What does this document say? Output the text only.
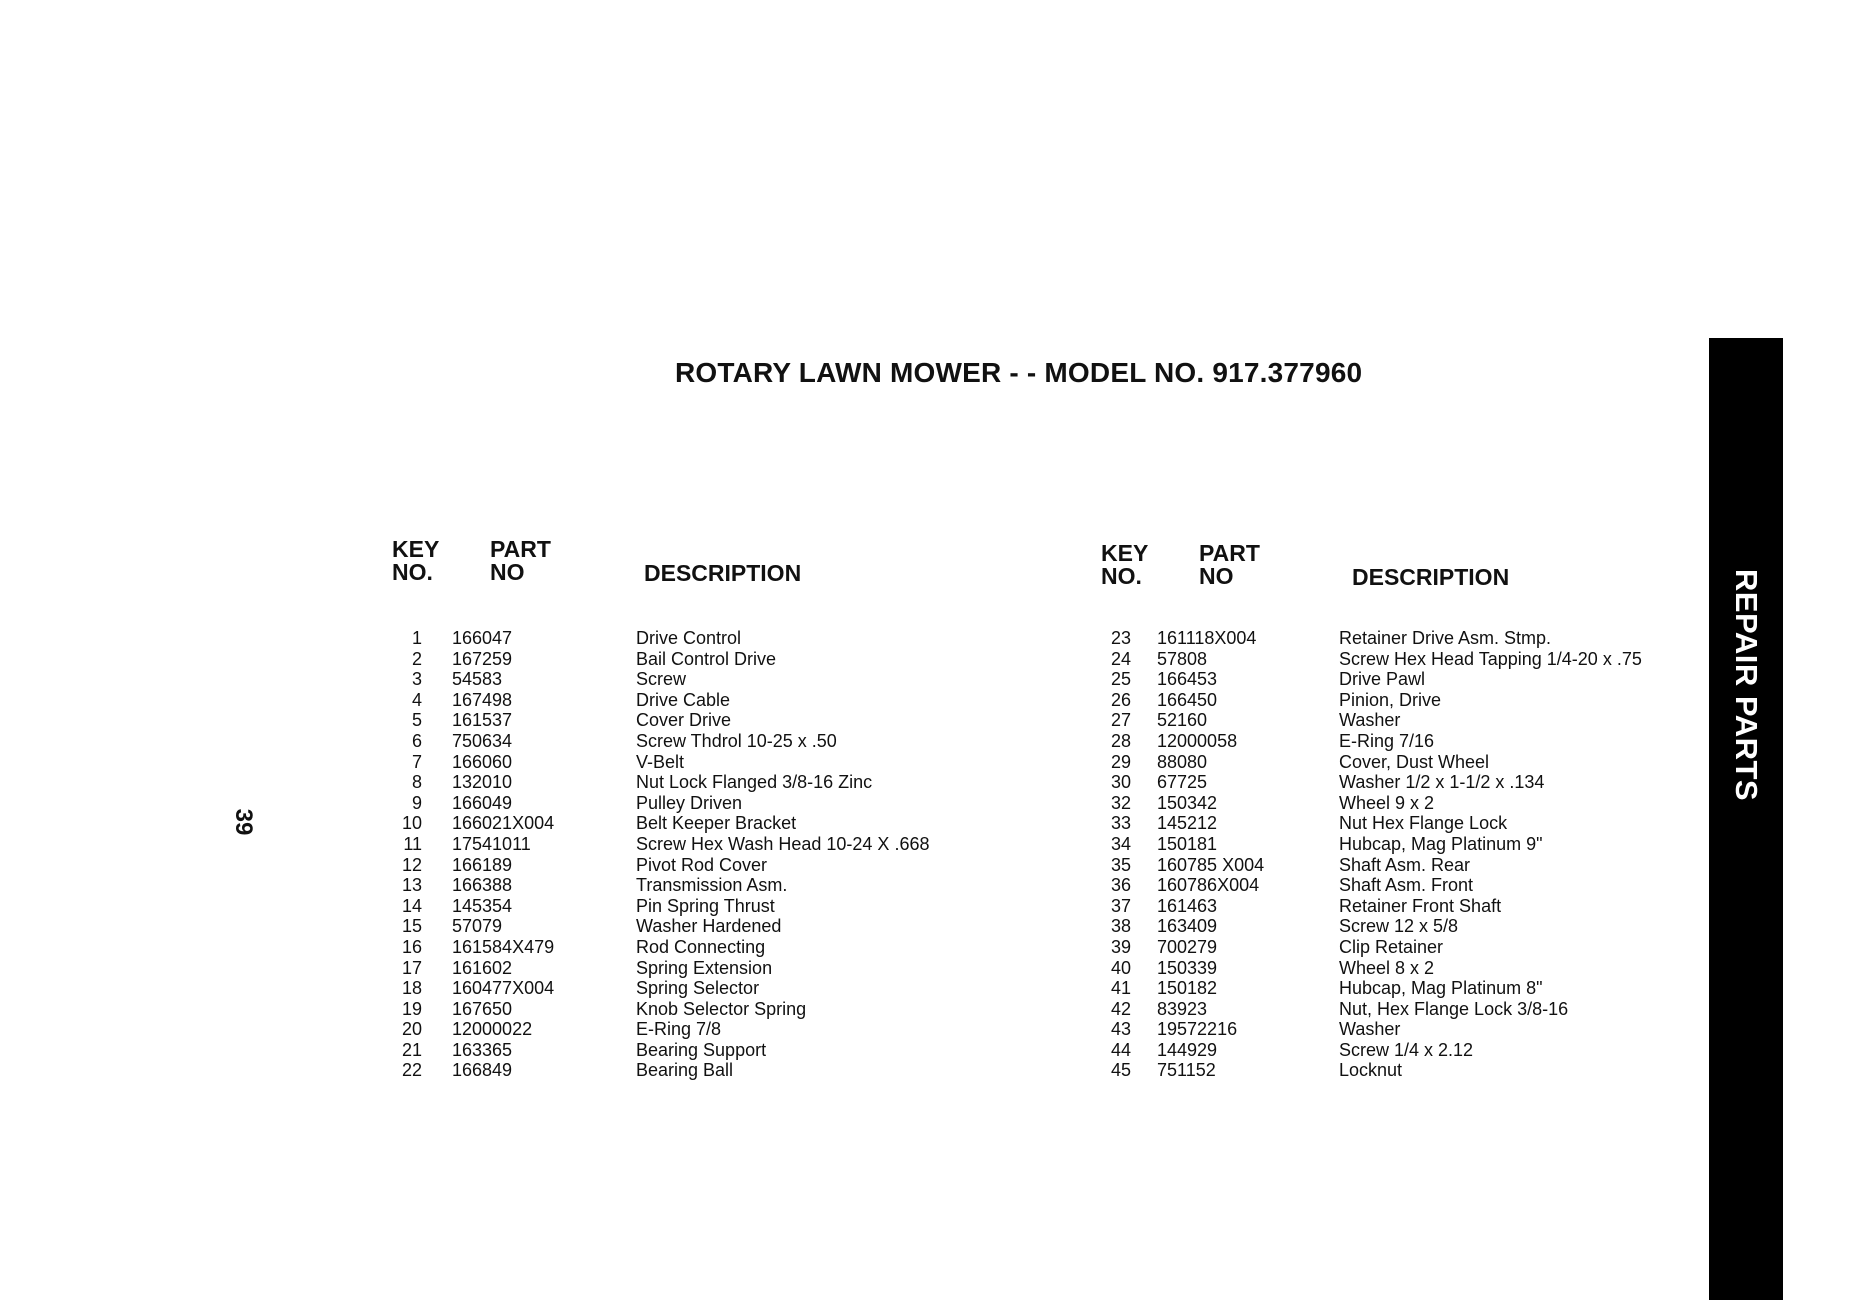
ROTARY LAWN MOWER - - MODEL NO. 917.377960
39
REPAIR PARTS
KEY
NO.
PART
NO	DESCRIPTION
1 166047	Drive Control
2 167259	Bail Control Drive
3 54583	Screw
4 167498	Drive Cable
5 161537	Cover Drive
6 750634	Screw Thdrol 10-25 x .50
7 166060	V-Belt
8 132010	Nut Lock Flanged 3/8-16 Zinc
9 166049	Pulley Driven
10 166021X004	Belt Keeper Bracket
11 17541011	Screw Hex Wash Head 10-24 X .668
12 166189	Pivot Rod Cover
13 166388	Transmission Asm.
14 145354	Pin Spring Thrust
15 57079	Washer Hardened
16 161584X479	Rod Connecting
17 161602	Spring Extension
18 160477X004	Spring Selector
19 167650	Knob Selector Spring
20 12000022	E-Ring 7/8
21 163365	Bearing Support
22 166849	Bearing Ball
KEY
NO.
PART
NO	DESCRIPTION
23 161118X004	Retainer Drive Asm. Stmp.
24 57808	Screw Hex Head Tapping 1/4-20 x .75
25 166453	Drive Pawl
26 166450	Pinion, Drive
27 52160	Washer
28 12000058	E-Ring 7/16
29 88080	Cover, Dust Wheel
30 67725	Washer 1/2 x 1-1/2 x .134
32 150342	Wheel 9 x 2
33 145212	Nut Hex Flange Lock
34 150181	Hubcap, Mag Platinum 9"
35 160785 X004	Shaft Asm. Rear
36 160786X004	Shaft Asm. Front
37 161463	Retainer Front Shaft
38 163409	Screw 12 x 5/8
39 700279	Clip Retainer
40 150339	Wheel 8 x 2
41 150182	Hubcap, Mag Platinum 8"
42 83923	Nut, Hex Flange Lock 3/8-16
43 19572216	Washer
44 144929	Screw 1/4 x 2.12
45 751152	Locknut
